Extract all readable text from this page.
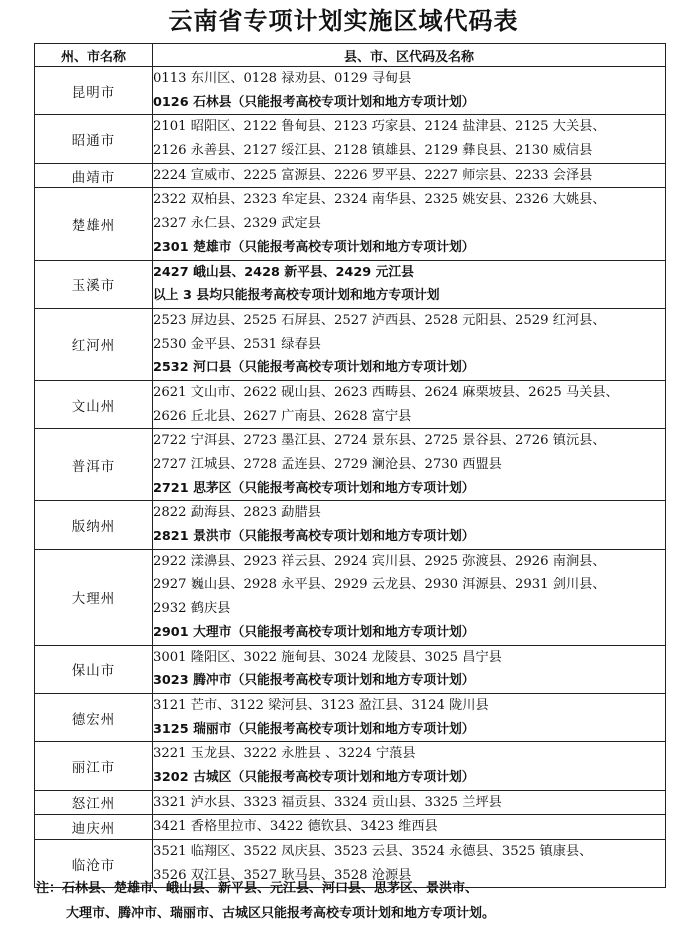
云南省专项计划实施区域代码表
州、市名称	县、市、区代码及名称
昆明市	0113 东川区、0128 禄劝县、0129 寻甸县
0126 石林县（只能报考高校专项计划和地方专项计划）

昭通市	2101 昭阳区、2122 鲁甸县、2123 巧家县、2124 盐津县、2125 大关县、
2126 永善县、2127 绥江县、2128 镇雄县、2129 彝良县、2130 威信县

曲靖市	2224 宣威市、2225 富源县、2226 罗平县、2227 师宗县、2233 会泽县

楚雄州	2322 双柏县、2323 牟定县、2324 南华县、2325 姚安县、2326 大姚县、
2327 永仁县、2329 武定县
2301 楚雄市（只能报考高校专项计划和地方专项计划）

玉溪市	2427 峨山县、2428 新平县、2429 元江县
以上 3 县均只能报考高校专项计划和地方专项计划

红河州	2523 屏边县、2525 石屏县、2527 泸西县、2528 元阳县、2529 红河县、
2530 金平县、2531 绿春县
2532 河口县（只能报考高校专项计划和地方专项计划）

文山州	2621 文山市、2622 砚山县、2623 西畴县、2624 麻栗坡县、2625 马关县、
2626 丘北县、2627 广南县、2628 富宁县

普洱市	2722 宁洱县、2723 墨江县、2724 景东县、2725 景谷县、2726 镇沅县、
2727 江城县、2728 孟连县、2729 澜沧县、2730 西盟县
2721 思茅区（只能报考高校专项计划和地方专项计划）

版纳州	2822 勐海县、2823 勐腊县
2821 景洪市（只能报考高校专项计划和地方专项计划）

大理州	2922 漾濞县、2923 祥云县、2924 宾川县、2925 弥渡县、2926 南涧县、
2927 巍山县、2928 永平县、2929 云龙县、2930 洱源县、2931 剑川县、
2932 鹤庆县
2901 大理市（只能报考高校专项计划和地方专项计划）

保山市	3001 隆阳区、3022 施甸县、3024 龙陵县、3025 昌宁县
3023 腾冲市（只能报考高校专项计划和地方专项计划）

德宏州	3121 芒市、3122 梁河县、3123 盈江县、3124 陇川县
3125 瑞丽市（只能报考高校专项计划和地方专项计划）

丽江市	3221 玉龙县、3222 永胜县 、3224 宁蒗县
3202 古城区（只能报考高校专项计划和地方专项计划）

怒江州	3321 泸水县、3323 福贡县、3324 贡山县、3325 兰坪县

迪庆州	3421 香格里拉市、3422 德钦县、3423 维西县

临沧市	3521 临翔区、3522 凤庆县、3523 云县、3524 永德县、3525 镇康县、
3526 双江县、3527 耿马县、3528 沧源县
注：石林县、楚雄市、峨山县、新平县、元江县、河口县、思茅区、景洪市、
大理市、腾冲市、瑞丽市、古城区只能报考高校专项计划和地方专项计划。
